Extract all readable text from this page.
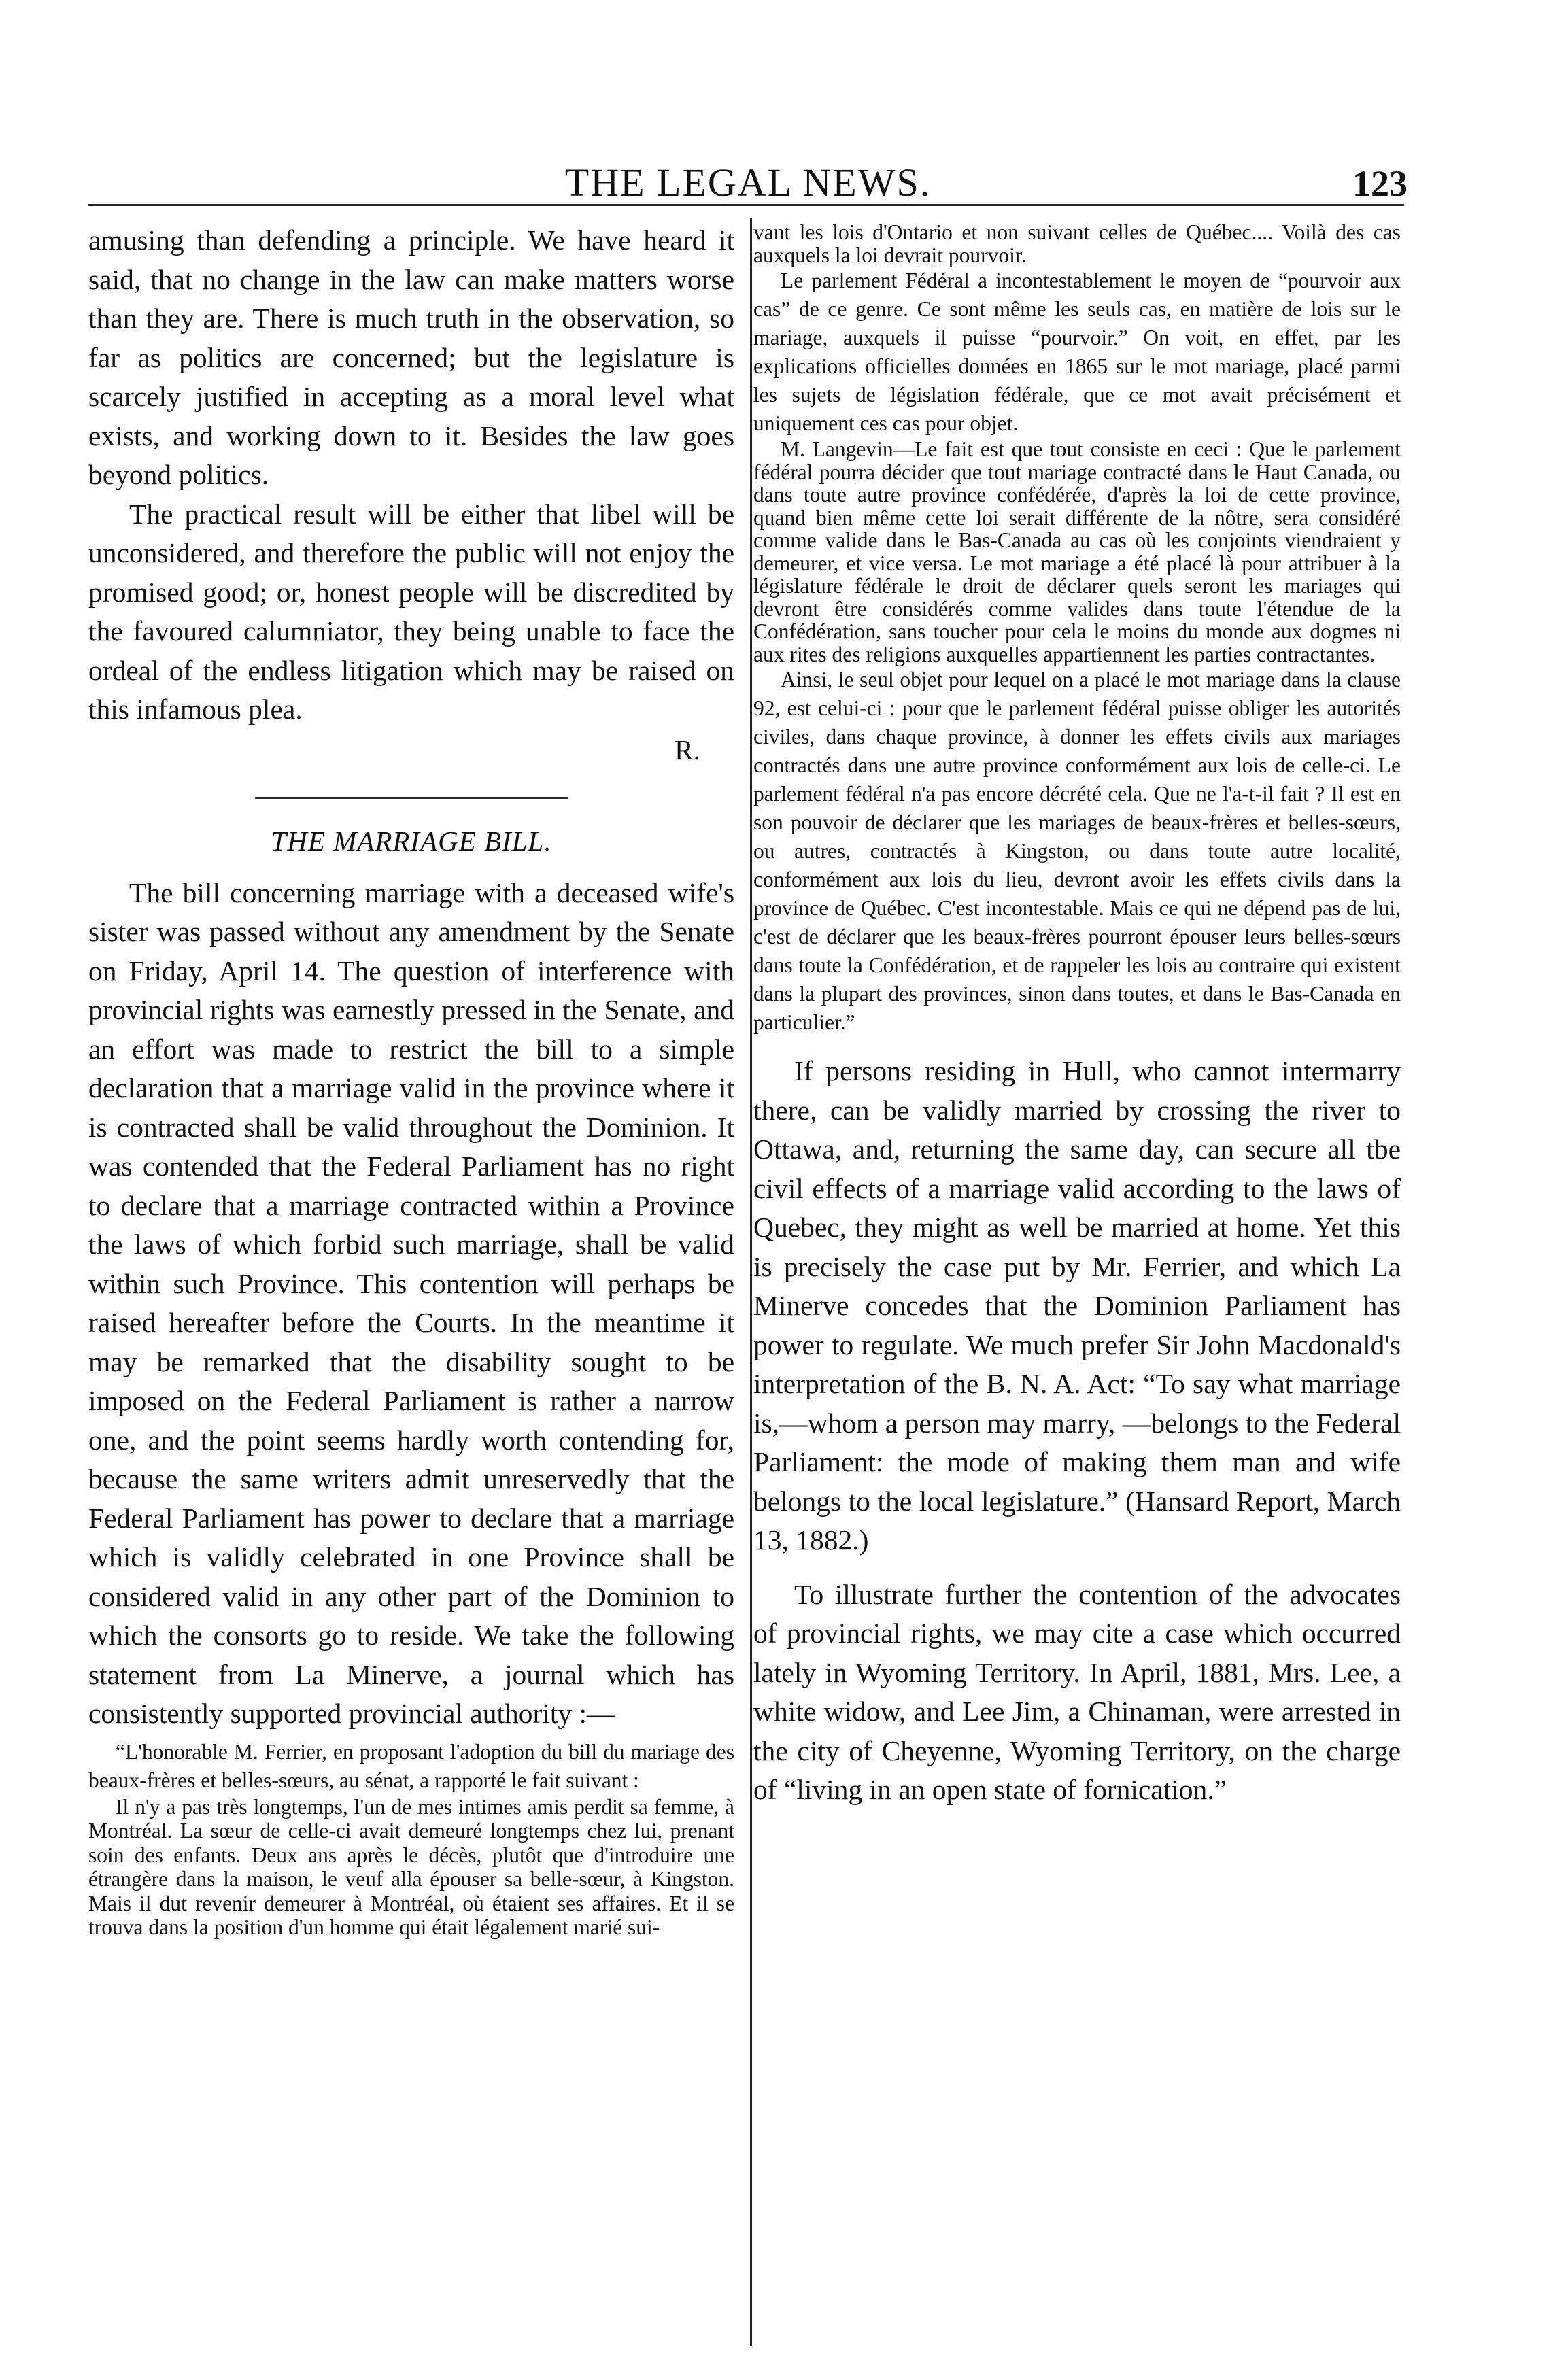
THE LEGAL NEWS.	123

amusing than defending a principle. We have heard it said, that no change in the law can make matters worse than they are. There is much truth in the observation, so far as politics are concerned; but the legislature is scarcely justified in accepting as a moral level what exists, and working down to it. Besides the law goes beyond politics.

The practical result will be either that libel will be unconsidered, and therefore the public will not enjoy the promised good; or, honest people will be discredited by the favoured calumniator, they being unable to face the ordeal of the endless litigation which may be raised on this infamous plea.

R.
THE MARRIAGE BILL.

The bill concerning marriage with a deceased wife's sister was passed without any amendment by the Senate on Friday, April 14. The question of interference with provincial rights was earnestly pressed in the Senate, and an effort was made to restrict the bill to a simple declaration that a marriage valid in the province where it is contracted shall be valid throughout the Dominion. It was contended that the Federal Parliament has no right to declare that a marriage contracted within a Province the laws of which forbid such marriage, shall be valid within such Province. This contention will perhaps be raised hereafter before the Courts. In the meantime it may be remarked that the disability sought to be imposed on the Federal Parliament is rather a narrow one, and the point seems hardly worth contending for, because the same writers admit unreservedly that the Federal Parliament has power to declare that a marriage which is validly celebrated in one Province shall be considered valid in any other part of the Dominion to which the consorts go to reside. We take the following statement from La Minerve, a journal which has consistently supported provincial authority :—

“L'honorable M. Ferrier, en proposant l'adoption du bill du mariage des beaux-frères et belles-sœurs, au sénat, a rapporté le fait suivant :

Il n'y a pas très longtemps, l'un de mes intimes amis perdit sa femme, à Montréal. La sœur de celle-ci avait demeuré longtemps chez lui, prenant soin des enfants. Deux ans après le décès, plutôt que d'introduire une étrangère dans la maison, le veuf alla épouser sa belle-sœur, à Kingston. Mais il dut revenir demeurer à Montréal, où étaient ses affaires. Et il se trouva dans la position d'un homme qui était légalement marié sui-

vant les lois d'Ontario et non suivant celles de Québec.... Voilà des cas auxquels la loi devrait pourvoir.

Le parlement Fédéral a incontestablement le moyen de “pourvoir aux cas” de ce genre. Ce sont même les seuls cas, en matière de lois sur le mariage, auxquels il puisse “pourvoir.” On voit, en effet, par les explications officielles données en 1865 sur le mot mariage, placé parmi les sujets de législation fédérale, que ce mot avait précisément et uniquement ces cas pour objet.

M. Langevin—Le fait est que tout consiste en ceci : Que le parlement fédéral pourra décider que tout mariage contracté dans le Haut Canada, ou dans toute autre province confédérée, d'après la loi de cette province, quand bien même cette loi serait différente de la nôtre, sera considéré comme valide dans le Bas-Canada au cas où les conjoints viendraient y demeurer, et vice versa. Le mot mariage a été placé là pour attribuer à la législature fédérale le droit de déclarer quels seront les mariages qui devront être considérés comme valides dans toute l'étendue de la Confédération, sans toucher pour cela le moins du monde aux dogmes ni aux rites des religions auxquelles appartiennent les parties contractantes.

Ainsi, le seul objet pour lequel on a placé le mot mariage dans la clause 92, est celui-ci : pour que le parlement fédéral puisse obliger les autorités civiles, dans chaque province, à donner les effets civils aux mariages contractés dans une autre province conformément aux lois de celle-ci. Le parlement fédéral n'a pas encore décrété cela. Que ne l'a-t-il fait ? Il est en son pouvoir de déclarer que les mariages de beaux-frères et belles-sœurs, ou autres, contractés à Kingston, ou dans toute autre localité, conformément aux lois du lieu, devront avoir les effets civils dans la province de Québec. C'est incontestable. Mais ce qui ne dépend pas de lui, c'est de déclarer que les beaux-frères pourront épouser leurs belles-sœurs dans toute la Confédération, et de rappeler les lois au contraire qui existent dans la plupart des provinces, sinon dans toutes, et dans le Bas-Canada en particulier.”

If persons residing in Hull, who cannot intermarry there, can be validly married by crossing the river to Ottawa, and, returning the same day, can secure all tbe civil effects of a marriage valid according to the laws of Quebec, they might as well be married at home. Yet this is precisely the case put by Mr. Ferrier, and which La Minerve concedes that the Dominion Parliament has power to regulate. We much prefer Sir John Macdonald's interpretation of the B. N. A. Act: “To say what marriage is,—whom a person may marry, —belongs to the Federal Parliament: the mode of making them man and wife belongs to the local legislature.” (Hansard Report, March 13, 1882.)

To illustrate further the contention of the advocates of provincial rights, we may cite a case which occurred lately in Wyoming Territory. In April, 1881, Mrs. Lee, a white widow, and Lee Jim, a Chinaman, were arrested in the city of Cheyenne, Wyoming Territory, on the charge of “living in an open state of fornication.”
